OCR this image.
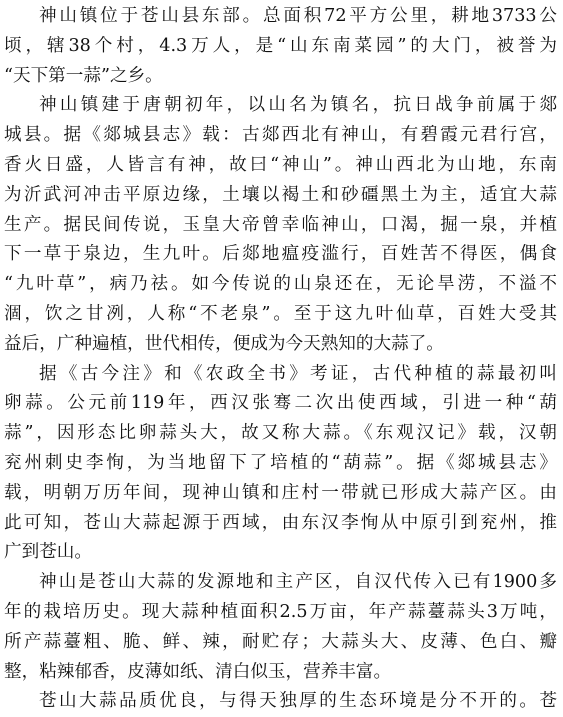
神山镇位于苍山县东部。总面积72平方公里，耕地3733公
顷，辖38个村，4.3万人，是“山东南菜园”的大门，被誉为
“天下第一蒜”之乡。
神山镇建于唐朝初年，以山名为镇名，抗日战争前属于郯
城县。据《郯城县志》载：古郯西北有神山，有碧霞元君行宫，
香火日盛，人皆言有神，故曰“神山”。神山西北为山地，东南
为沂武河冲击平原边缘，土壤以褐土和砂礓黑土为主，适宜大蒜
生产。据民间传说，玉皇大帝曾幸临神山，口渴，掘一泉，并植
下一草于泉边，生九叶。后郯地瘟疫滥行，百姓苦不得医，偶食
“九叶草”，病乃祛。如今传说的山泉还在，无论旱涝，不溢不
涸，饮之甘冽，人称“不老泉”。至于这九叶仙草，百姓大受其
益后，广种遍植，世代相传，便成为今天熟知的大蒜了。
据《古今注》和《农政全书》考证，古代种植的蒜最初叫
卵蒜。公元前119年，西汉张骞二次出使西域，引进一种“葫
蒜”，因形态比卵蒜头大，故又称大蒜。《东观汉记》载，汉朝
兖州刺史李恂，为当地留下了培植的“葫蒜”。据《郯城县志》
载，明朝万历年间，现神山镇和庄村一带就已形成大蒜产区。由
此可知，苍山大蒜起源于西域，由东汉李恂从中原引到兖州，推
广到苍山。
神山是苍山大蒜的发源地和主产区，自汉代传入已有1900多
年的栽培历史。现大蒜种植面积2.5万亩，年产蒜薹蒜头3万吨，
所产蒜薹粗、脆、鲜、辣，耐贮存；大蒜头大、皮薄、色白、瓣
整，粘辣郁香，皮薄如纸、清白似玉，营养丰富。
苍山大蒜品质优良，与得天独厚的生态环境是分不开的。苍
